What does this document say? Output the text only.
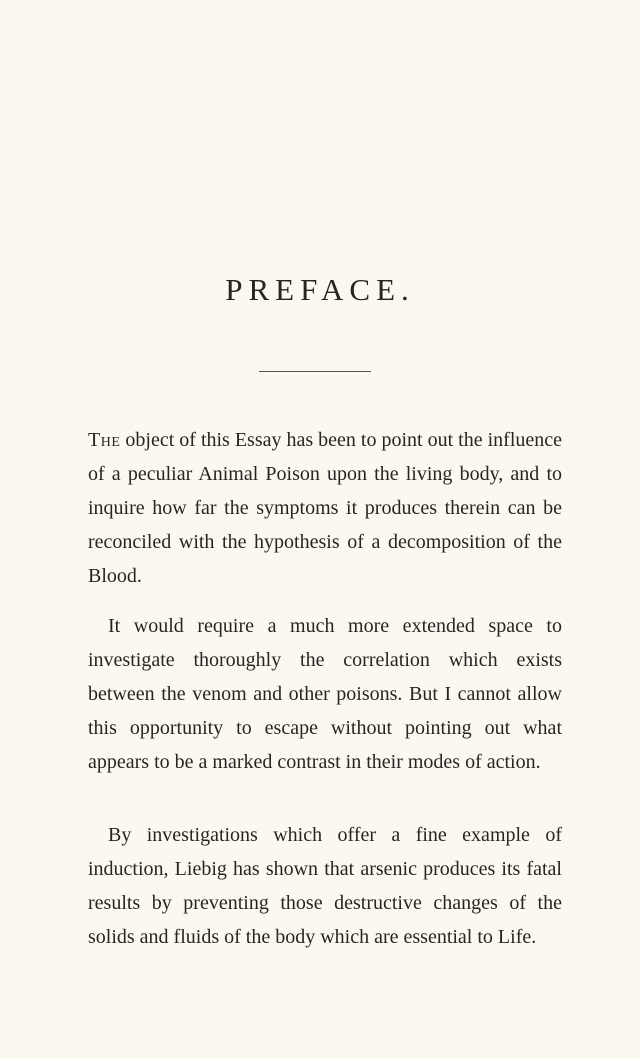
PREFACE.

The object of this Essay has been to point out the influence of a peculiar Animal Poison upon the living body, and to inquire how far the symptoms it produces therein can be reconciled with the hypothesis of a decomposition of the Blood.

It would require a much more extended space to investigate thoroughly the correlation which exists between the venom and other poisons. But I cannot allow this opportunity to escape without pointing out what appears to be a marked contrast in their modes of action.

By investigations which offer a fine example of induction, Liebig has shown that arsenic produces its fatal results by preventing those destructive changes of the solids and fluids of the body which are essential to Life.
